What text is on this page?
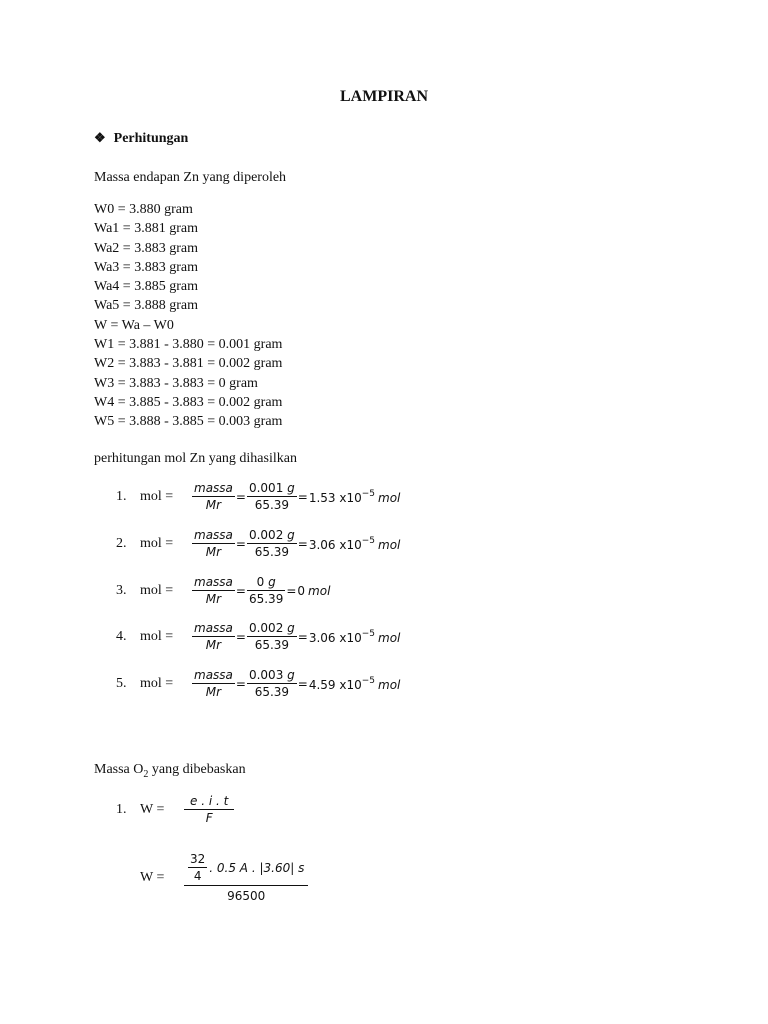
LAMPIRAN
❖ Perhitungan
Massa endapan Zn yang diperoleh
W0 = 3.880 gram
Wa1 = 3.881 gram
Wa2 = 3.883 gram
Wa3 = 3.883 gram
Wa4 = 3.885 gram
Wa5 = 3.888 gram
W = Wa – W0
W1 = 3.881 - 3.880 = 0.001 gram
W2 = 3.883 - 3.881 = 0.002 gram
W3 = 3.883 - 3.883 = 0 gram
W4 = 3.885 - 3.883 = 0.002 gram
W5 = 3.888 - 3.885 = 0.003 gram
perhitungan mol Zn yang dihasilkan
1. mol =	$\frac{\text{massa}}{Mr} = \frac{0.001 g}{65.39} = 1.53$ $x10^{-5}$ mol
2. mol =	$\frac{\text{massa}}{Mr} = \frac{0.002 g}{65.39} = 3.06$ $x10^{-5}$ mol
3. mol =	$\frac{\text{massa}}{Mr} = \frac{0 g}{65.39} = 0$ mol
4. mol =	$\frac{\text{massa}}{Mr} = \frac{0.002 g}{65.39} = 3.06$ $x10^{-5}$ mol
5. mol =	$\frac{\text{massa}}{Mr} = \frac{0.003 g}{65.39} = 4.59$ $x10^{-5}$ mol
Massa $O_2$ yang dibebaskan
1. W =	$\frac{e . i . t}{F}$
W =	$\frac{\frac{32}{4} . 0.5 A . |3.60| s}{96500}$
